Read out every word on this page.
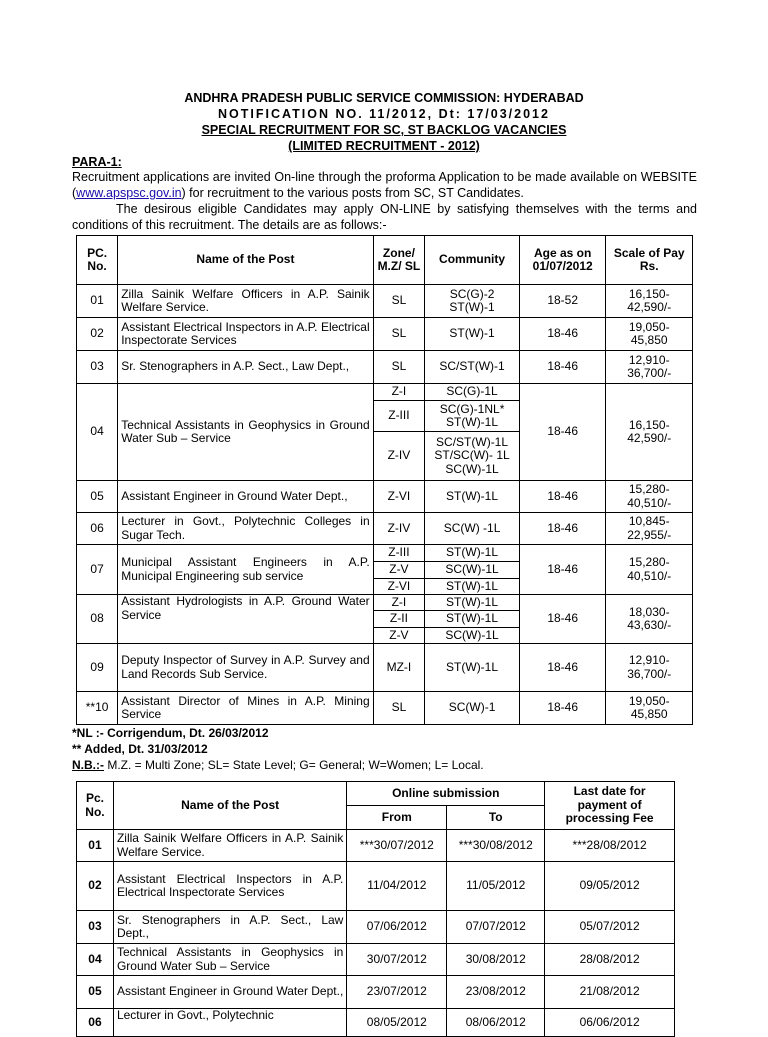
ANDHRA PRADESH PUBLIC SERVICE COMMISSION: HYDERABAD
NOTIFICATION NO. 11/2012, Dt: 17/03/2012
SPECIAL RECRUITMENT FOR SC, ST BACKLOG VACANCIES
(LIMITED RECRUITMENT - 2012)
PARA-1:
Recruitment applications are invited On-line through the proforma Application to be made available on WEBSITE (www.apspsc.gov.in) for recruitment to the various posts from SC, ST Candidates.
The desirous eligible Candidates may apply ON-LINE by satisfying themselves with the terms and conditions of this recruitment. The details are as follows:-
PC. No.	Name of the Post	Zone/ M.Z/ SL	Community	Age as on 01/07/2012	Scale of Pay Rs.
01	Zilla Sainik Welfare Officers in A.P. Sainik Welfare Service.	SL	SC(G)-2 ST(W)-1	18-52	16,150- 42,590/-
02	Assistant Electrical Inspectors in A.P. Electrical Inspectorate Services	SL	ST(W)-1	18-46	19,050- 45,850
03	Sr. Stenographers in A.P. Sect., Law Dept.,	SL	SC/ST(W)-1	18-46	12,910- 36,700/-
04	Technical Assistants in Geophysics in Ground Water Sub – Service	Z-I	SC(G)-1L	18-46	16,150- 42,590/-
		Z-III	SC(G)-1NL* ST(W)-1L		
		Z-IV	SC/ST(W)-1L ST/SC(W)- 1L SC(W)-1L		
05	Assistant Engineer in Ground Water Dept.,	Z-VI	ST(W)-1L	18-46	15,280- 40,510/-
06	Lecturer in Govt., Polytechnic Colleges in Sugar Tech.	Z-IV	SC(W) -1L	18-46	10,845- 22,955/-
07	Municipal Assistant Engineers in A.P. Municipal Engineering sub service	Z-III	ST(W)-1L	18-46	15,280- 40,510/-
		Z-V	SC(W)-1L		
		Z-VI	ST(W)-1L		
08	Assistant Hydrologists in A.P. Ground Water Service	Z-I	ST(W)-1L	18-46	18,030- 43,630/-
		Z-II	ST(W)-1L		
		Z-V	SC(W)-1L		
09	Deputy Inspector of Survey in A.P. Survey and Land Records Sub Service.	MZ-I	ST(W)-1L	18-46	12,910- 36,700/-
**10	Assistant Director of Mines in A.P. Mining Service	SL	SC(W)-1	18-46	19,050- 45,850
*NL :- Corrigendum, Dt. 26/03/2012
** Added, Dt. 31/03/2012
N.B.:- M.Z. = Multi Zone; SL= State Level; G= General; W=Women; L= Local.
Pc. No.	Name of the Post	Online submission		Last date for payment of processing Fee
		From	To	
01	Zilla Sainik Welfare Officers in A.P. Sainik Welfare Service.	***30/07/2012	***30/08/2012	***28/08/2012
02	Assistant Electrical Inspectors in A.P. Electrical Inspectorate Services	11/04/2012	11/05/2012	09/05/2012
03	Sr. Stenographers in A.P. Sect., Law Dept.,	07/06/2012	07/07/2012	05/07/2012
04	Technical Assistants in Geophysics in Ground Water Sub – Service	30/07/2012	30/08/2012	28/08/2012
05	Assistant Engineer in Ground Water Dept.,	23/07/2012	23/08/2012	21/08/2012
06	Lecturer in Govt., Polytechnic	08/05/2012	08/06/2012	06/06/2012
